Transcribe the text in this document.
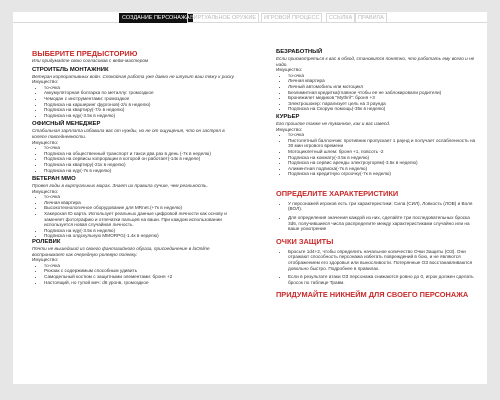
СОЗДАНИЕ ПЕРСОНАЖА ВИРТУАЛЬНОЕ ОРУЖИЕ	ИГРОВОЙ ПРОЦЕСС	ССЫЛКА	ПРАВИЛА

ВЫБЕРИТЕ ПРЕДЫСТОРИЮ

Или придумайте свою согласовав с вейм-мастером

СТРОИТЕЛЬ МОНТАЖНИК

Ветеран корпоративных войн. Спокойная работа уже давно не шпугит ваш тяжу к риску.

Имущество:

• то-очка
• Аккумуляторная болгарка по металлу: громоздкое
• Чемодан с инструментами: громоздкое
• Подписка на каршеринг фургонов(-2/х в неделю)
• Подписка на квартиру(-7/х в неделю)
• Подписка на еду(-3.5к в неделю)

ОФИСНЫЙ МЕНЕДЖЕР

Стабильная зарплата избавила вас от нужды, но не от ощущения, что он застрял в колесе повседневности.

Имущество:

• то-очка
• Подписка на общественный транспорт и такси два раз в день (-7к в неделю)
• Подписка на сервисы копрорации в которой он работает(-14к в неделе)
• Подписка на квартиру(-21к в неделю)
• Подписка на еду(-7к в неделю)

ВЕТЕРАН ММО

Провел годы в виртуальных мирах. Знает их правила лучше, чем реальность.

Имущество:

• то-очка
• Личная квартира
• Высокотехнологичное оборудование для MRnet.(+7к в неделю)
• Хакерская ID карта. Использует реальных данные цифровой личности как основу и заменяет фотографию и отпечатки пальцев на ваши. При каждом использовании используется новая случайная личность.
• Подписка на еду(-3.5к в неделю)
• Подписка на олдскульную MMORPG(-1.4к в неделю)

РОЛЕВИК

Почти не вышедший из своего фантазийного образа, присоединение в laOnline воспринимает как очередную ролевую полевку.

Имущество:

• то-очка
• Рюкзак с содержимым способным удивить
• Самодельный костюм с защитными элементами: броня +2
• Настоящий, но тупой меч: d6 уронв, громоздкое

БЕЗРАБОТНЫЙ

Если присмотреться к вас в обход, становится понятно, что работать ему всего и не надо.

Имущество:

• то-очка
• Личная квартира
• Личный автомобиль или мотоцикл
• Безлимитная кредитка(главное чтобы ее не заблокировали родители)
• Бронежилет медиков "Mythril": броня +3
• Электрошокер: парализует цель на 3 раунда
• Подписка на Скорую помощь(-35к в неделю)

КУРЬЕР

Его прошлое также не туманное, как и вас извесd.

Имущество:

• то-очка
• Пистолетный баллончик: противник пропускает 1 раунд и получает ослабленность на 30 мин игрового времени
• Мотоциклетный шлем: броня +1, повсоть -2
• Подписка на комнату(-3.5к в неделю)
• Подписка на сервис аренды электроугорям(-3.5к в неделю)
• Алиментная подписка(-7к в неделю)
• Подписка на кредитную огроочку(-7к в неделю)

ОПРЕДЕЛИТЕ ХАРАКТЕРИСТИКИ

• У персонажей игроков есть три характеристики: Сила (СИЛ), Ловкость (ЛОВ) и Воля (ВОЛ).
• Для определения значения каждой из них, сделайте три последовательных броска 3d6, получившиеся числа распределите между характеристиками случайно или на ваше усмотрение

ОЧКИ ЗАЩИТЫ

• Бросьте 1d4+2, чтобы определить начальное количество Очки Защиты (ОЗ). Они отражают способность персонажа избегать повреждений в бою, и не являются отображением его здоровья или выносливости. Потерянные ОЗ восстанавливаются довольно быстро. Подробнее в правилах.
• Если в результате атаки ОЗ персонажа снижаются ровно до 0, игрок должен сделать бросок по таблице Травм.

ПРИДУМАЙТЕ НИКНЕЙМ ДЛЯ СВОЕГО ПЕРСОНАЖА
